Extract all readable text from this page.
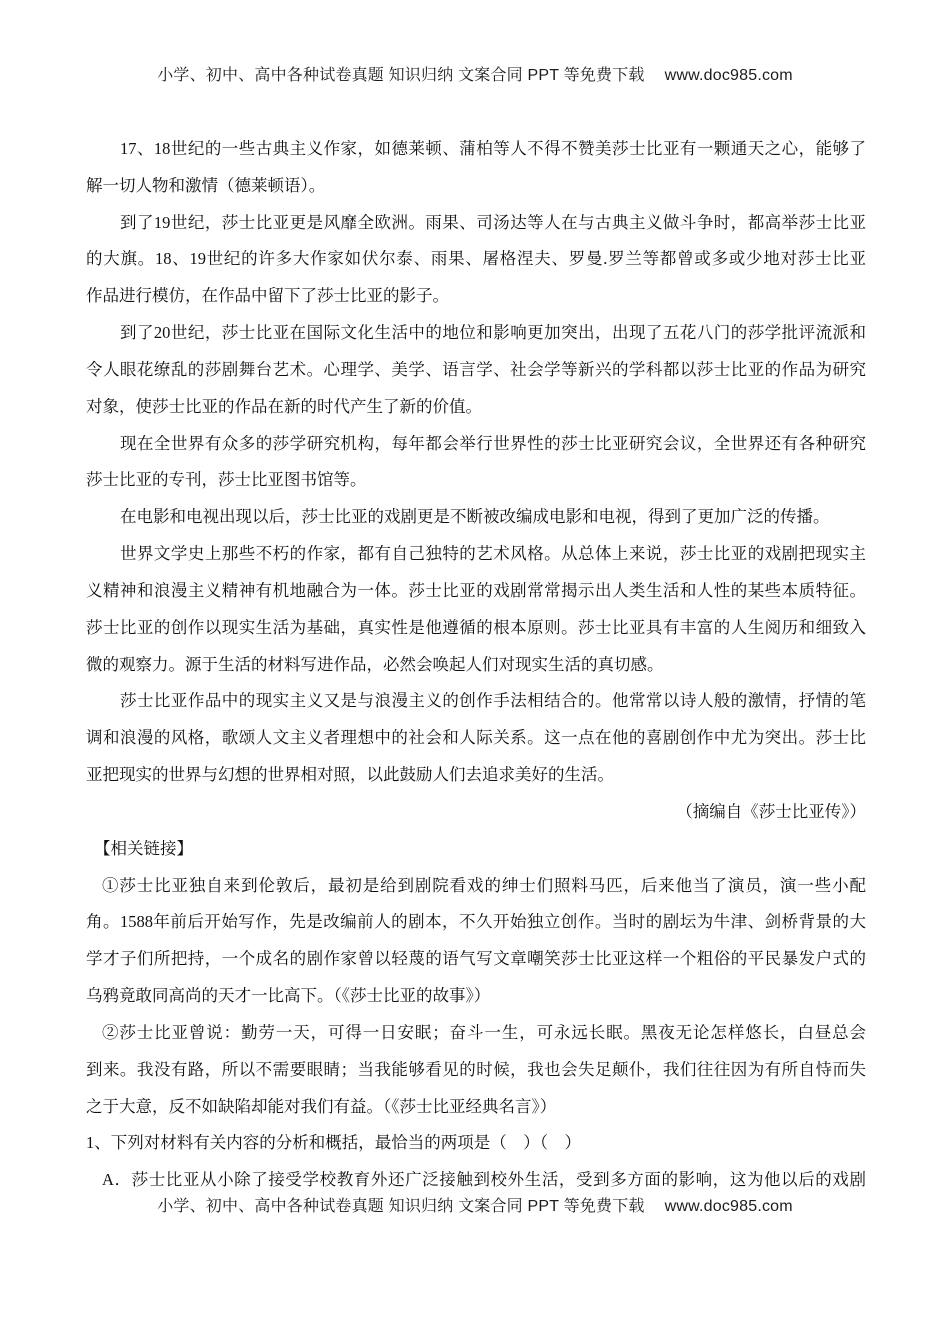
小学、初中、高中各种试卷真题 知识归纳 文案合同 PPT 等免费下载 www.doc985.com
17、18世纪的一些古典主义作家，如德莱顿、蒲柏等人不得不赞美莎士比亚有一颗通天之心，能够了
解一切人物和激情（德莱顿语）。
到了19世纪，莎士比亚更是风靡全欧洲。雨果、司汤达等人在与古典主义做斗争时，都高举莎士比亚
的大旗。18、19世纪的许多大作家如伏尔泰、雨果、屠格涅夫、罗曼.罗兰等都曾或多或少地对莎士比亚
作品进行模仿，在作品中留下了莎士比亚的影子。
到了20世纪，莎士比亚在国际文化生活中的地位和影响更加突出，出现了五花八门的莎学批评流派和
令人眼花缭乱的莎剧舞台艺术。心理学、美学、语言学、社会学等新兴的学科都以莎士比亚的作品为研究
对象，使莎士比亚的作品在新的时代产生了新的价值。
现在全世界有众多的莎学研究机构，每年都会举行世界性的莎士比亚研究会议，全世界还有各种研究
莎士比亚的专刊，莎士比亚图书馆等。
在电影和电视出现以后，莎士比亚的戏剧更是不断被改编成电影和电视，得到了更加广泛的传播。
世界文学史上那些不朽的作家，都有自己独特的艺术风格。从总体上来说，莎士比亚的戏剧把现实主
义精神和浪漫主义精神有机地融合为一体。莎士比亚的戏剧常常揭示出人类生活和人性的某些本质特征。
莎士比亚的创作以现实生活为基础，真实性是他遵循的根本原则。莎士比亚具有丰富的人生阅历和细致入
微的观察力。源于生活的材料写进作品，必然会唤起人们对现实生活的真切感。
莎士比亚作品中的现实主义又是与浪漫主义的创作手法相结合的。他常常以诗人般的激情，抒情的笔
调和浪漫的风格，歌颂人文主义者理想中的社会和人际关系。这一点在他的喜剧创作中尤为突出。莎士比
亚把现实的世界与幻想的世界相对照，以此鼓励人们去追求美好的生活。
（摘编自《莎士比亚传》）
【相关链接】
①莎士比亚独自来到伦敦后，最初是给到剧院看戏的绅士们照料马匹，后来他当了演员，演一些小配
角。1588年前后开始写作，先是改编前人的剧本，不久开始独立创作。当时的剧坛为牛津、剑桥背景的大
学才子们所把持，一个成名的剧作家曾以轻蔑的语气写文章嘲笑莎士比亚这样一个粗俗的平民暴发户式的
乌鸦竟敢同高尚的天才一比高下。（《莎士比亚的故事》）
②莎士比亚曾说：勤劳一天，可得一日安眠；奋斗一生，可永远长眠。黑夜无论怎样悠长，白昼总会
到来。我没有路，所以不需要眼睛；当我能够看见的时候，我也会失足颠仆，我们往往因为有所自恃而失
之于大意，反不如缺陷却能对我们有益。（《莎士比亚经典名言》）
1、下列对材料有关内容的分析和概括，最恰当的两项是（　）（　）
A．莎士比亚从小除了接受学校教育外还广泛接触到校外生活，受到多方面的影响，这为他以后的戏剧
小学、初中、高中各种试卷真题 知识归纳 文案合同 PPT 等免费下载 www.doc985.com
